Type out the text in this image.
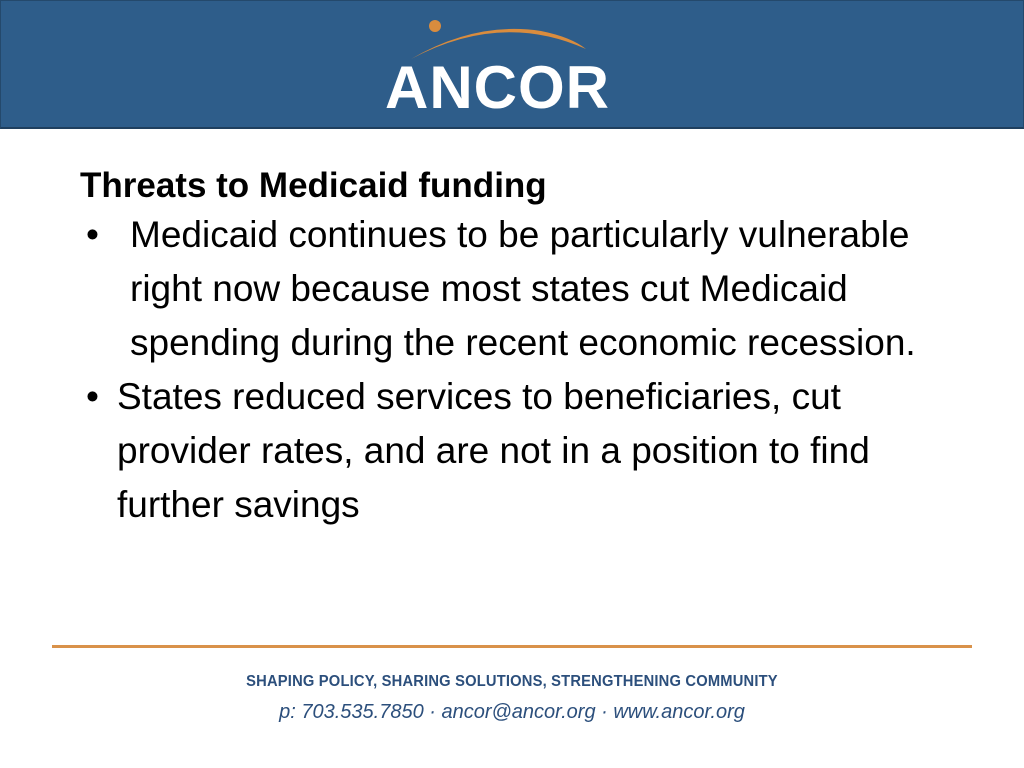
ANCOR

Threats to Medicaid funding

• Medicaid continues to be particularly vulnerable right now because most states cut Medicaid spending during the recent economic recession.
• States reduced services to beneficiaries, cut provider rates, and are not in a position to find further savings
SHAPING POLICY, SHARING SOLUTIONS, STRENGTHENING COMMUNITY
p: 703.535.7850 · ancor@ancor.org · www.ancor.org
